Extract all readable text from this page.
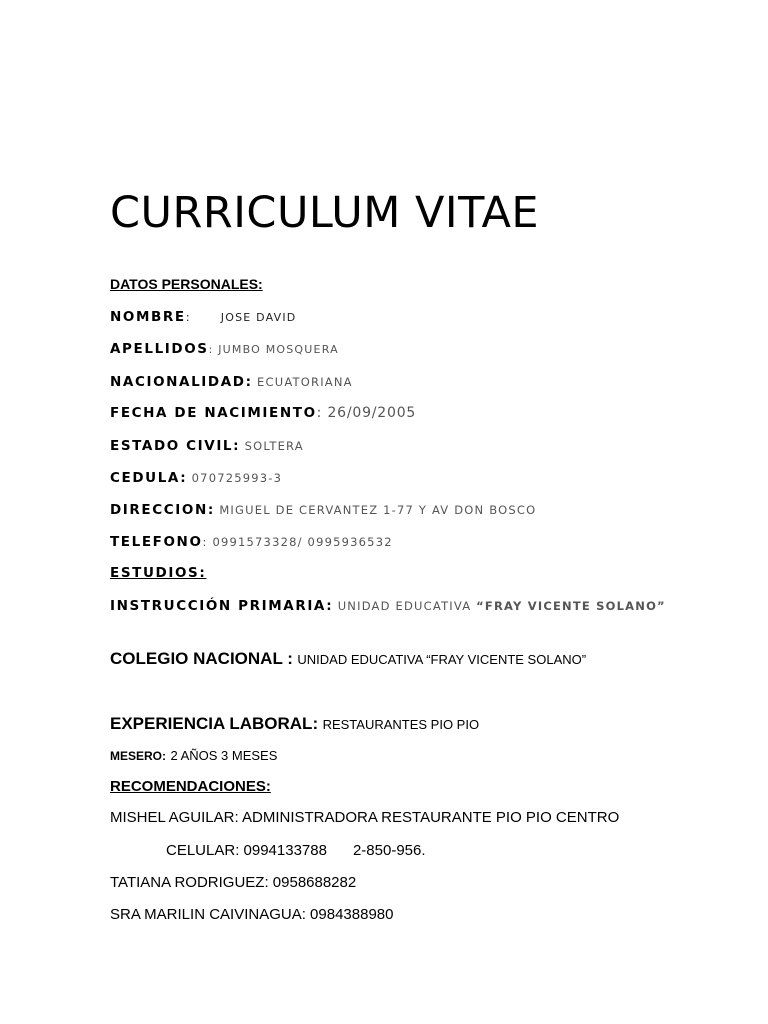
CURRICULUM VITAE
DATOS PERSONALES:
NOMBRE:	JOSE DAVID
APELLIDOS: JUMBO MOSQUERA
NACIONALIDAD: ECUATORIANA
FECHA DE NACIMIENTO: 26/09/2005
ESTADO CIVIL: SOLTERA
CEDULA: 070725993-3
DIRECCION: MIGUEL DE CERVANTEZ 1-77 Y AV DON BOSCO
TELEFONO: 0991573328/ 0995936532
ESTUDIOS:
INSTRUCCIÓN PRIMARIA: UNIDAD EDUCATIVA “FRAY VICENTE SOLANO”
COLEGIO NACIONAL : UNIDAD EDUCATIVA “FRAY VICENTE SOLANO”
EXPERIENCIA LABORAL: RESTAURANTES PIO PIO
MESERO: 2 AÑOS 3 MESES
RECOMENDACIONES:
MISHEL AGUILAR: ADMINISTRADORA RESTAURANTE PIO PIO CENTRO
CELULAR: 0994133788 2-850-956.
TATIANA RODRIGUEZ: 0958688282
SRA MARILIN CAIVINAGUA: 0984388980
